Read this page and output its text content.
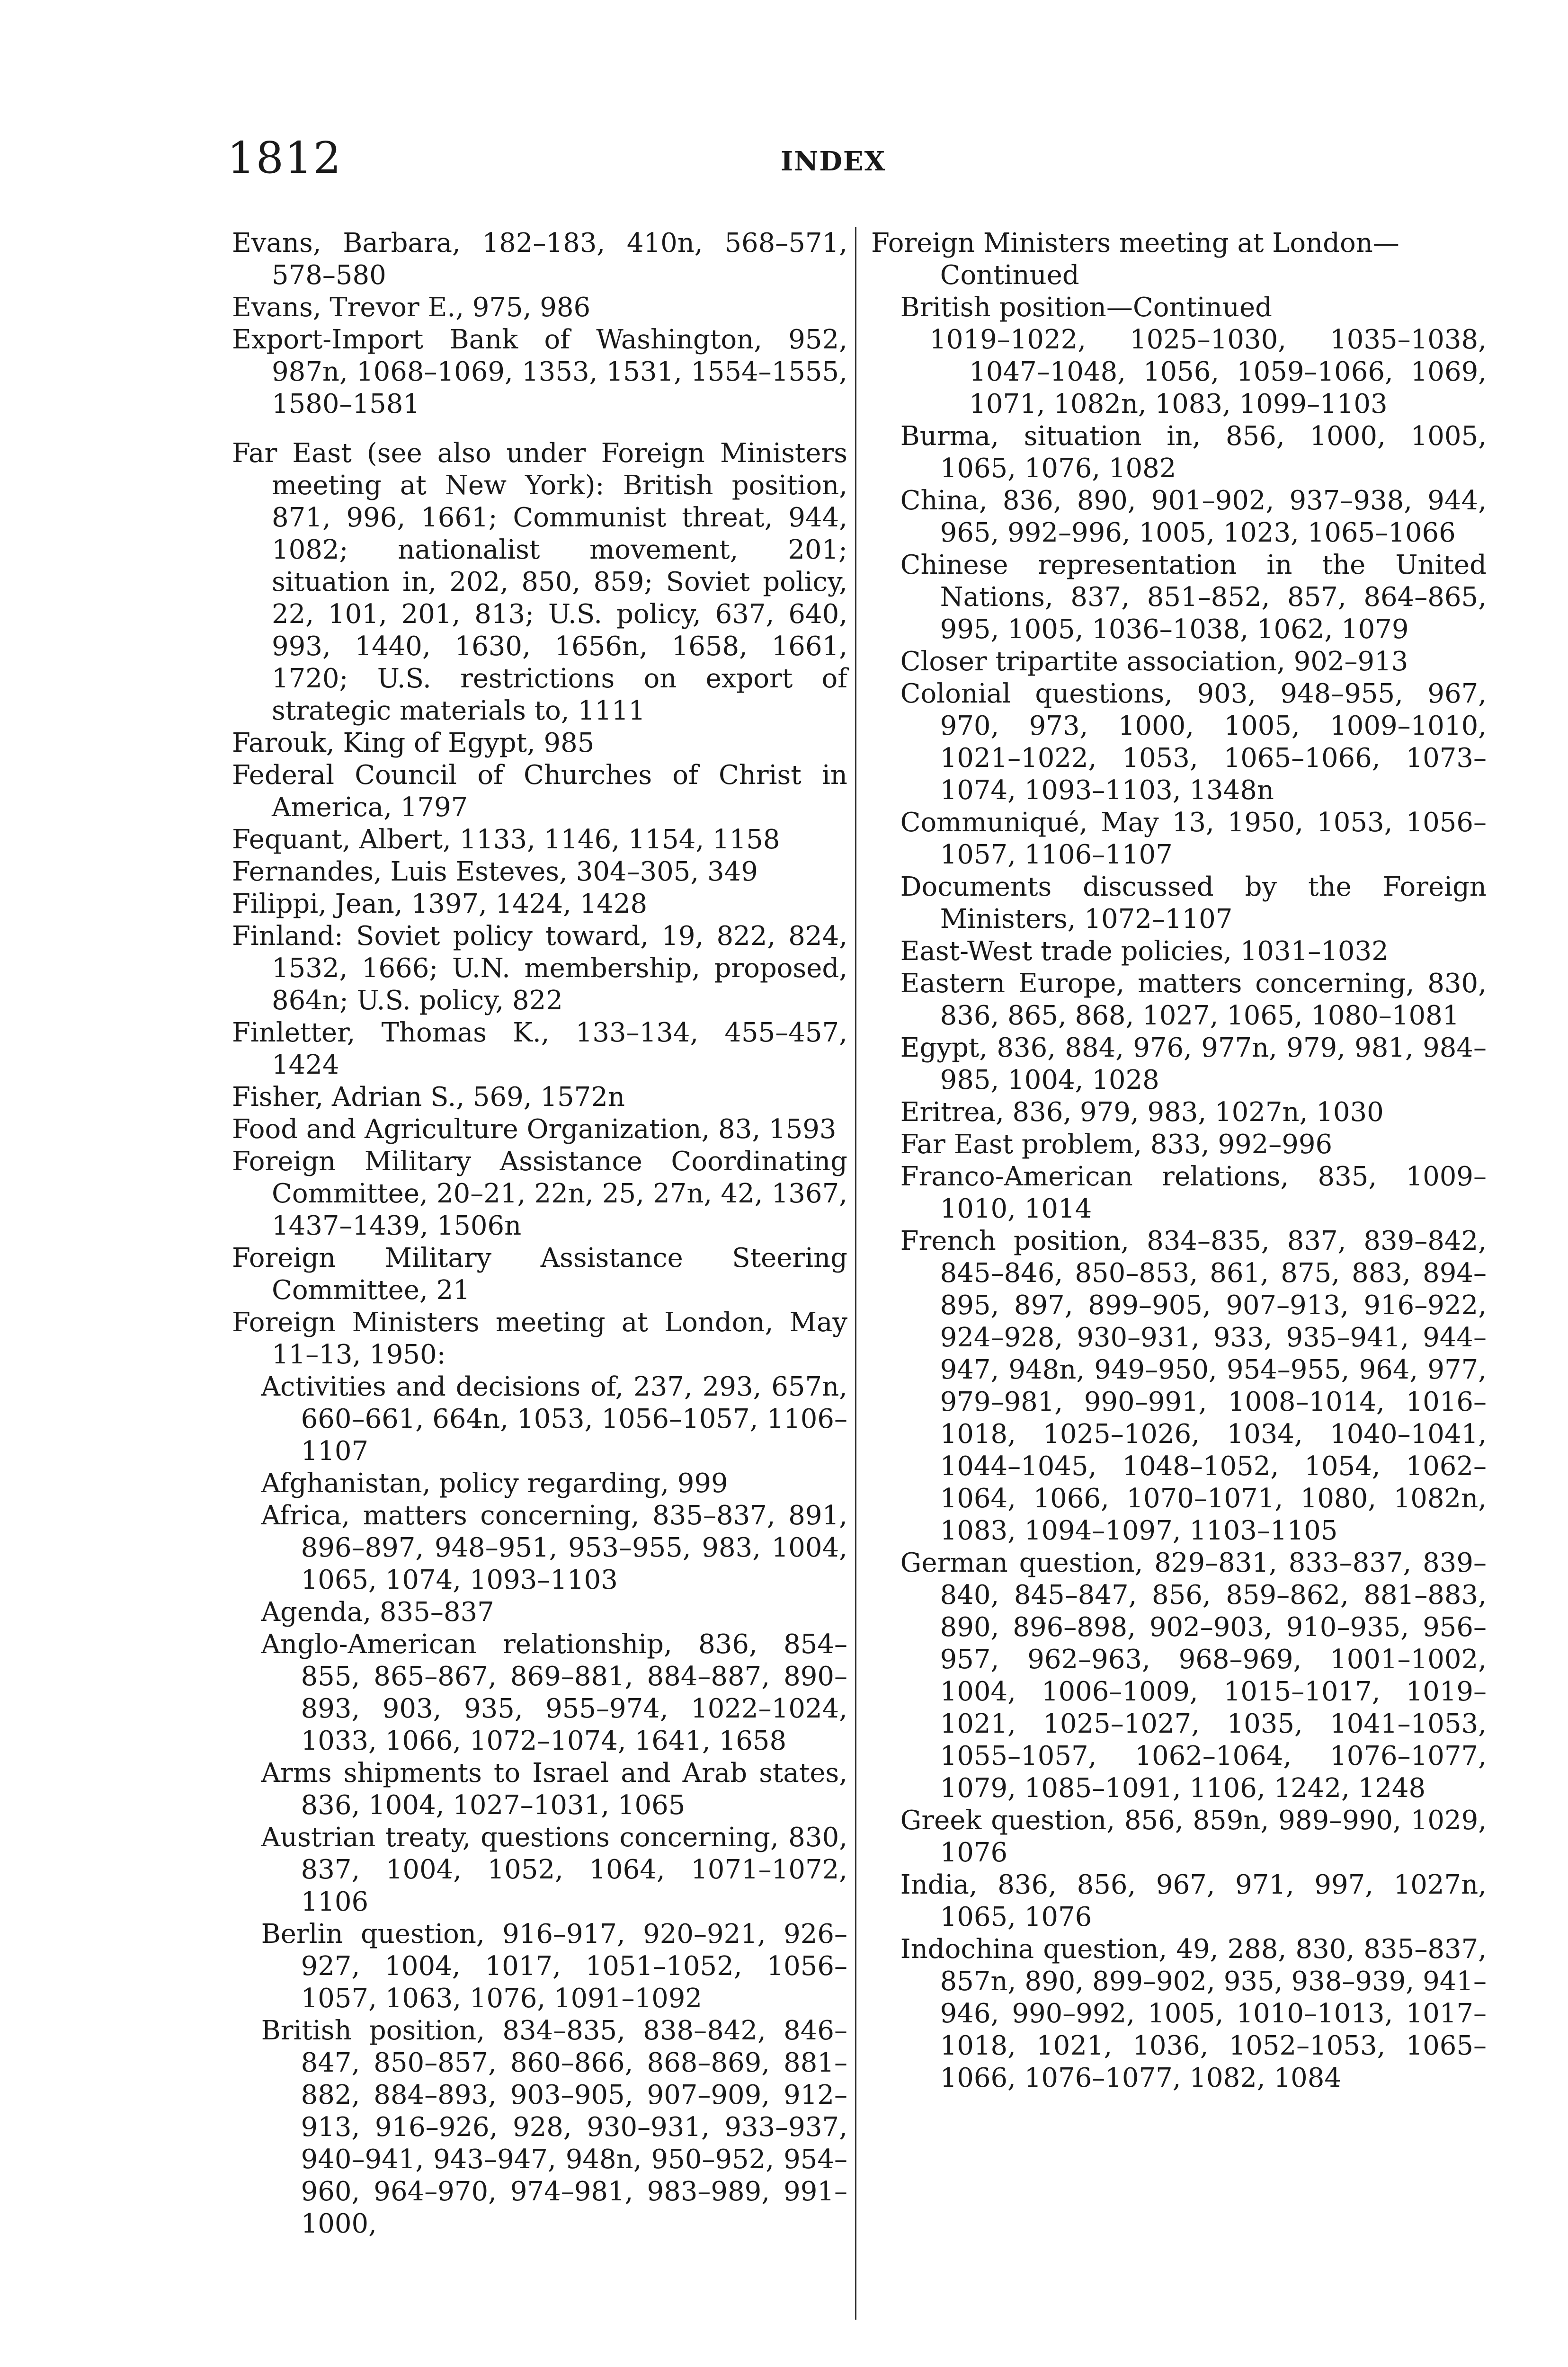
1812	INDEX

Evans, Barbara, 182–183, 410n, 568–571, 578–580

Evans, Trevor E., 975, 986

Export-Import Bank of Washington, 952, 987n, 1068–1069, 1353, 1531, 1554–1555, 1580–1581

Far East (see also under Foreign Ministers meeting at New York): British position, 871, 996, 1661; Communist threat, 944, 1082; nationalist movement, 201; situation in, 202, 850, 859; Soviet policy, 22, 101, 201, 813; U.S. policy, 637, 640, 993, 1440, 1630, 1656n, 1658, 1661, 1720; U.S. restrictions on export of strategic materials to, 1111

Farouk, King of Egypt, 985

Federal Council of Churches of Christ in America, 1797

Fequant, Albert, 1133, 1146, 1154, 1158

Fernandes, Luis Esteves, 304–305, 349

Filippi, Jean, 1397, 1424, 1428

Finland: Soviet policy toward, 19, 822, 824, 1532, 1666; U.N. membership, proposed, 864n; U.S. policy, 822

Finletter, Thomas K., 133–134, 455–457, 1424

Fisher, Adrian S., 569, 1572n

Food and Agriculture Organization, 83, 1593

Foreign Military Assistance Coordinating Committee, 20–21, 22n, 25, 27n, 42, 1367, 1437–1439, 1506n

Foreign Military Assistance Steering Committee, 21

Foreign Ministers meeting at London, May 11–13, 1950:

Activities and decisions of, 237, 293, 657n, 660–661, 664n, 1053, 1056–1057, 1106–1107

Afghanistan, policy regarding, 999

Africa, matters concerning, 835–837, 891, 896–897, 948–951, 953–955, 983, 1004, 1065, 1074, 1093–1103

Agenda, 835–837

Anglo-American relationship, 836, 854–855, 865–867, 869–881, 884–887, 890–893, 903, 935, 955–974, 1022–1024, 1033, 1066, 1072–1074, 1641, 1658

Arms shipments to Israel and Arab states, 836, 1004, 1027–1031, 1065

Austrian treaty, questions concerning, 830, 837, 1004, 1052, 1064, 1071–1072, 1106

Berlin question, 916–917, 920–921, 926–927, 1004, 1017, 1051–1052, 1056–1057, 1063, 1076, 1091–1092

British position, 834–835, 838–842, 846–847, 850–857, 860–866, 868–869, 881–882, 884–893, 903–905, 907–909, 912–913, 916–926, 928, 930–931, 933–937, 940–941, 943–947, 948n, 950–952, 954–960, 964–970, 974–981, 983–989, 991–1000,

Foreign Ministers meeting at London—
Continued

British position—Continued

1019–1022, 1025–1030, 1035–1038, 1047–1048, 1056, 1059–1066, 1069, 1071, 1082n, 1083, 1099–1103

Burma, situation in, 856, 1000, 1005, 1065, 1076, 1082

China, 836, 890, 901–902, 937–938, 944, 965, 992–996, 1005, 1023, 1065–1066

Chinese representation in the United Nations, 837, 851–852, 857, 864–865, 995, 1005, 1036–1038, 1062, 1079

Closer tripartite association, 902–913

Colonial questions, 903, 948–955, 967, 970, 973, 1000, 1005, 1009–1010, 1021–1022, 1053, 1065–1066, 1073–1074, 1093–1103, 1348n

Communiqué, May 13, 1950, 1053, 1056–1057, 1106–1107

Documents discussed by the Foreign Ministers, 1072–1107

East-West trade policies, 1031–1032

Eastern Europe, matters concerning, 830, 836, 865, 868, 1027, 1065, 1080–1081

Egypt, 836, 884, 976, 977n, 979, 981, 984–985, 1004, 1028

Eritrea, 836, 979, 983, 1027n, 1030

Far East problem, 833, 992–996

Franco-American relations, 835, 1009–1010, 1014

French position, 834–835, 837, 839–842, 845–846, 850–853, 861, 875, 883, 894–895, 897, 899–905, 907–913, 916–922, 924–928, 930–931, 933, 935–941, 944–947, 948n, 949–950, 954–955, 964, 977, 979–981, 990–991, 1008–1014, 1016–1018, 1025–1026, 1034, 1040–1041, 1044–1045, 1048–1052, 1054, 1062–1064, 1066, 1070–1071, 1080, 1082n, 1083, 1094–1097, 1103–1105

German question, 829–831, 833–837, 839–840, 845–847, 856, 859–862, 881–883, 890, 896–898, 902–903, 910–935, 956–957, 962–963, 968–969, 1001–1002, 1004, 1006–1009, 1015–1017, 1019–1021, 1025–1027, 1035, 1041–1053, 1055–1057, 1062–1064, 1076–1077, 1079, 1085–1091, 1106, 1242, 1248

Greek question, 856, 859n, 989–990, 1029, 1076

India, 836, 856, 967, 971, 997, 1027n, 1065, 1076

Indochina question, 49, 288, 830, 835–837, 857n, 890, 899–902, 935, 938–939, 941–946, 990–992, 1005, 1010–1013, 1017–1018, 1021, 1036, 1052–1053, 1065–1066, 1076–1077, 1082, 1084
